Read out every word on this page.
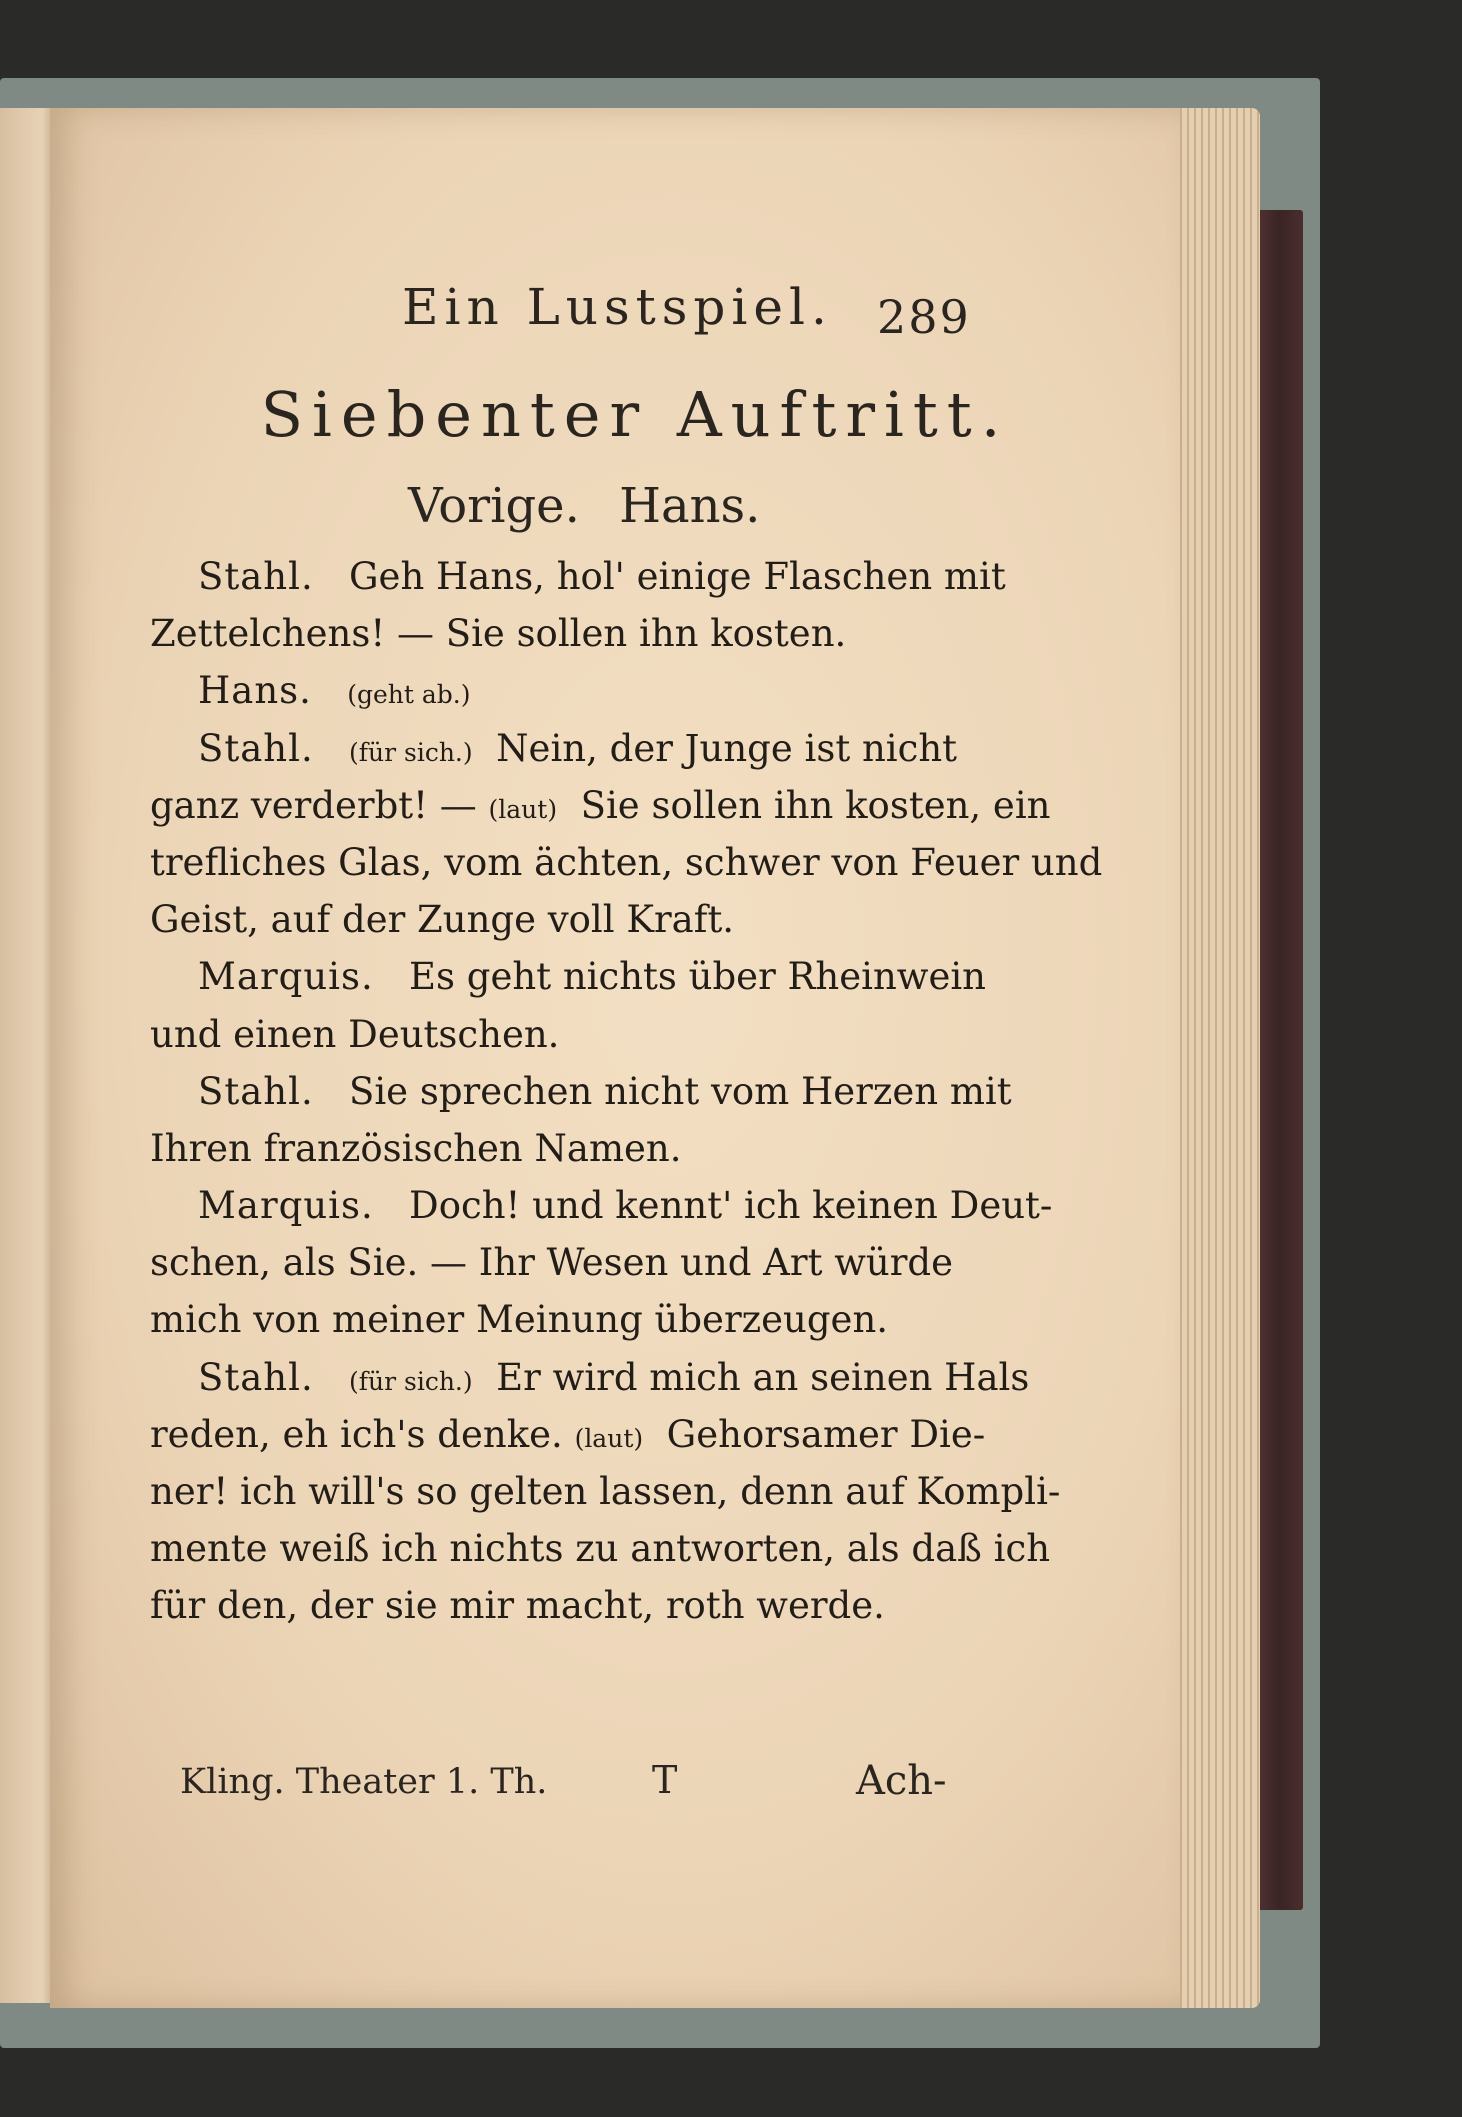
Ein Lustspiel. 289
Siebenter Auftritt.
Vorige. Hans.
Stahl. Geh Hans, hol' einige Flaschen mit
Zettelchens! — Sie sollen ihn kosten.
Hans. (geht ab.)
Stahl. (für sich.) Nein, der Junge ist nicht
ganz verderbt! — (laut) Sie sollen ihn kosten, ein
trefliches Glas, vom ächten, schwer von Feuer und
Geist, auf der Zunge voll Kraft.
Marquis. Es geht nichts über Rheinwein
und einen Deutschen.
Stahl. Sie sprechen nicht vom Herzen mit
Ihren französischen Namen.
Marquis. Doch! und kennt' ich keinen Deut-
schen, als Sie. — Ihr Wesen und Art würde
mich von meiner Meinung überzeugen.
Stahl. (für sich.) Er wird mich an seinen Hals
reden, eh ich's denke. (laut) Gehorsamer Die-
ner! ich will's so gelten lassen, denn auf Kompli-
mente weiß ich nichts zu antworten, als daß ich
für den, der sie mir macht, roth werde.
Kling. Theater 1. Th.	T	Ach-
